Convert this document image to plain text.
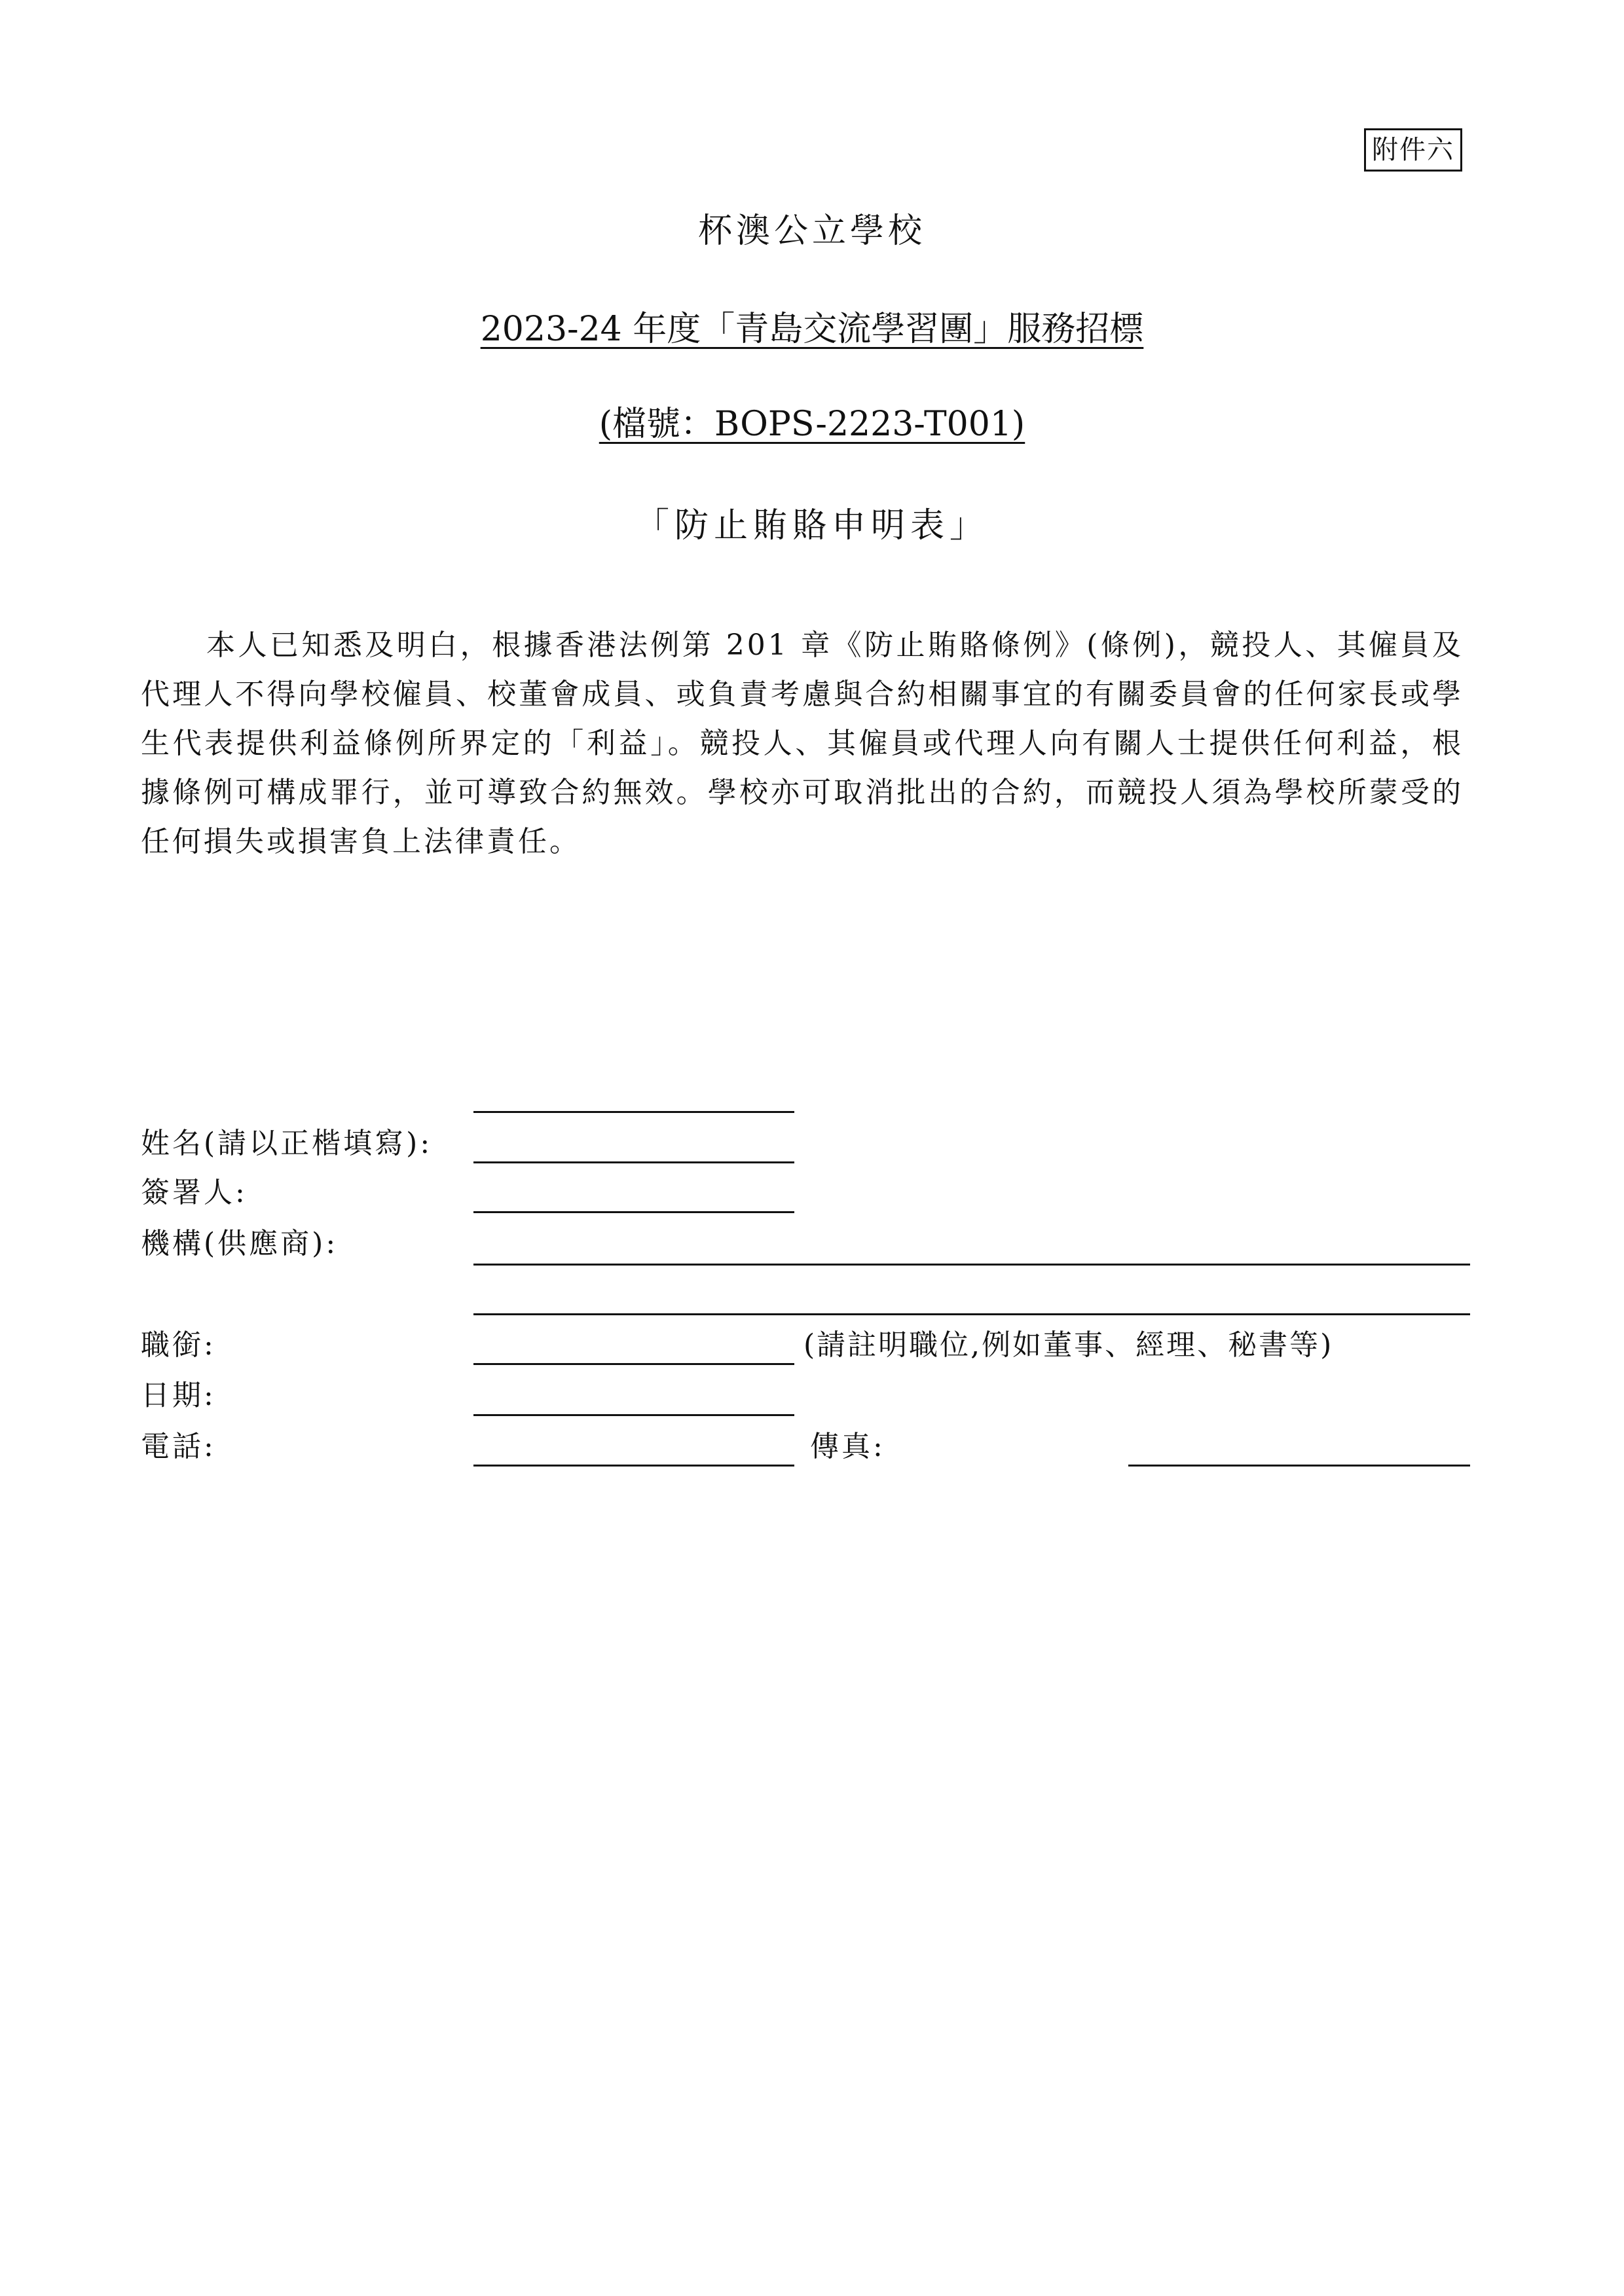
附件六
杯澳公立學校
2023-24 年度「青島交流學習團」服務招標
(檔號：BOPS-2223-T001)
「防止賄賂申明表」
本人已知悉及明白，根據香港法例第 201 章《防止賄賂條例》(條例)，競投人、其僱員及代理人不得向學校僱員、校董會成員、或負責考慮與合約相關事宜的有關委員會的任何家長或學生代表提供利益條例所界定的「利益」。競投人、其僱員或代理人向有關人士提供任何利益，根據條例可構成罪行，並可導致合約無效。學校亦可取消批出的合約，而競投人須為學校所蒙受的任何損失或損害負上法律責任。
姓名(請以正楷填寫):
簽署人:
機構(供應商):
職銜:	(請註明職位,例如董事、經理、秘書等)
日期:
電話:	傳真:
